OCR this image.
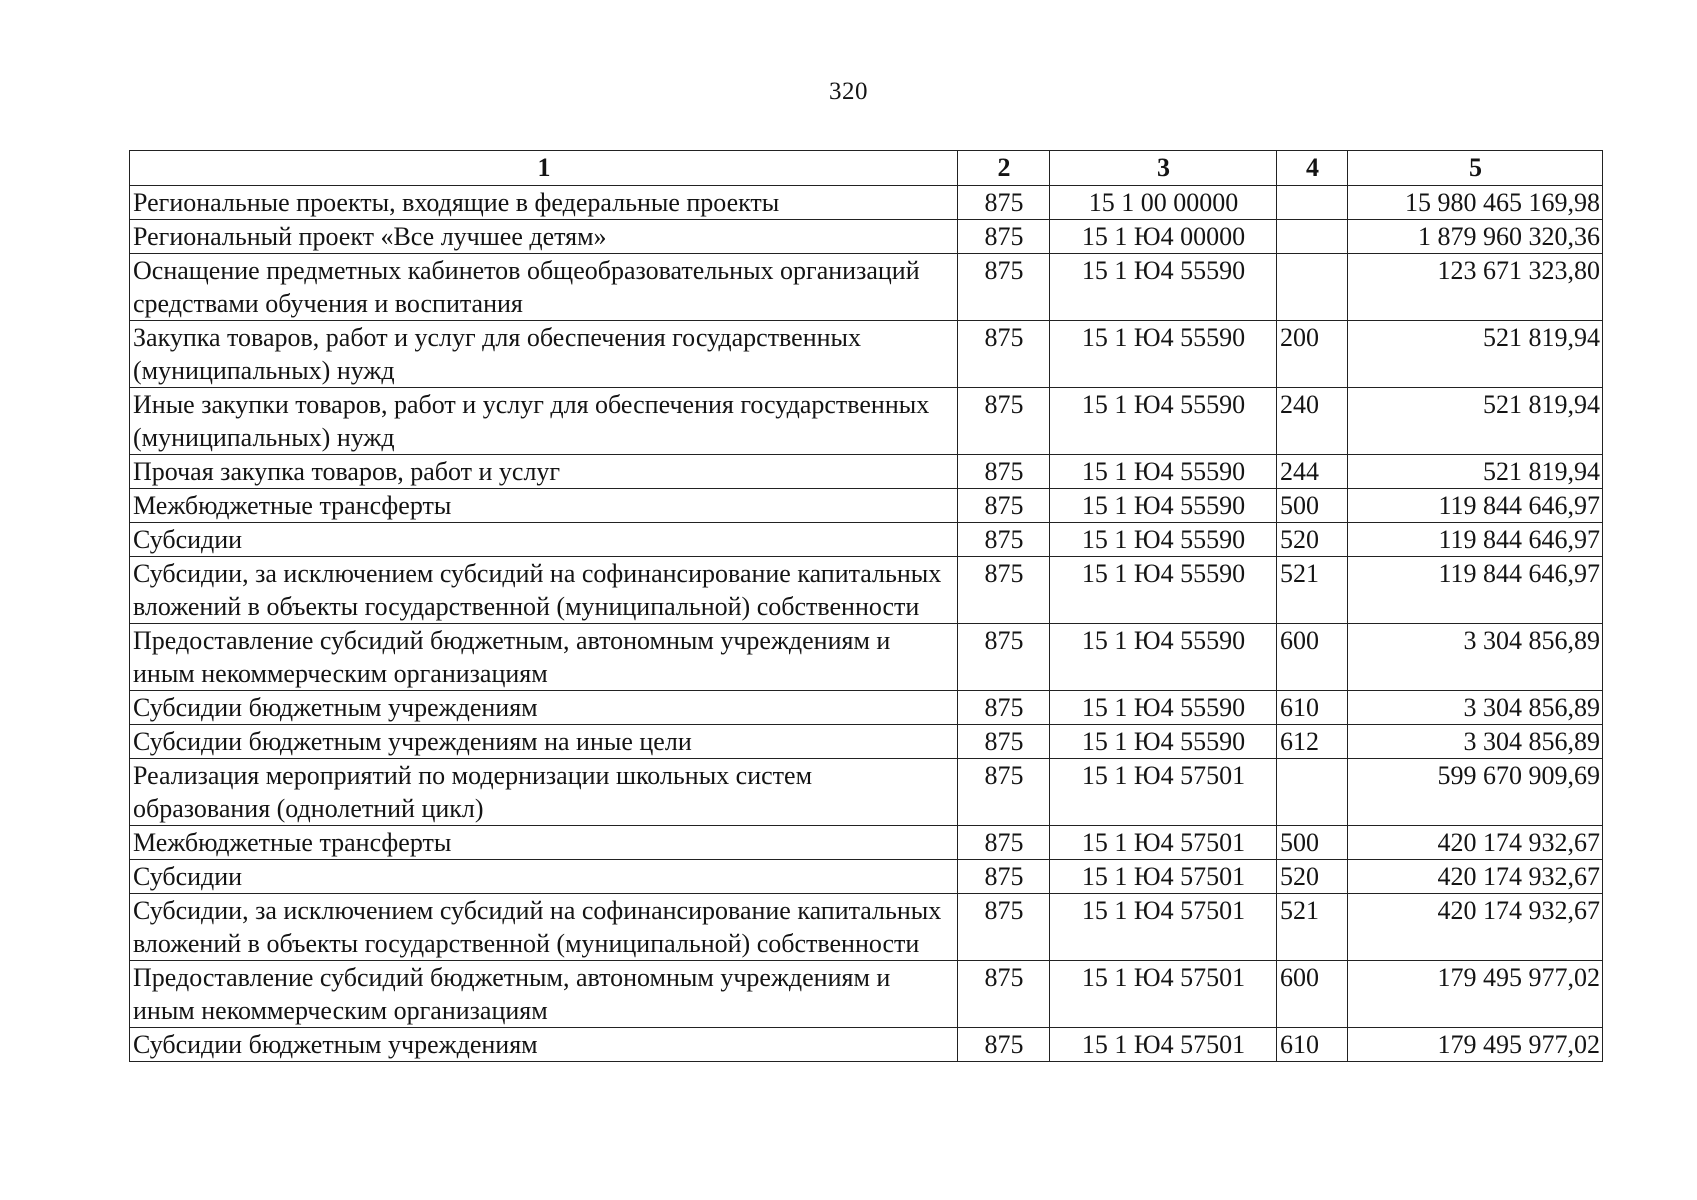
320
1	2	3	4	5
Региональные проекты, входящие в федеральные проекты	875	15 1 00 00000		15 980 465 169,98
Региональный проект «Все лучшее детям»	875	15 1 Ю4 00000		1 879 960 320,36
Оснащение предметных кабинетов общеобразовательных организаций средствами обучения и воспитания	875	15 1 Ю4 55590		123 671 323,80
Закупка товаров, работ и услуг для обеспечения государственных (муниципальных) нужд	875	15 1 Ю4 55590	200	521 819,94
Иные закупки товаров, работ и услуг для обеспечения государственных (муниципальных) нужд	875	15 1 Ю4 55590	240	521 819,94
Прочая закупка товаров, работ и услуг	875	15 1 Ю4 55590	244	521 819,94
Межбюджетные трансферты	875	15 1 Ю4 55590	500	119 844 646,97
Субсидии	875	15 1 Ю4 55590	520	119 844 646,97
Субсидии, за исключением субсидий на софинансирование капитальных вложений в объекты государственной (муниципальной) собственности	875	15 1 Ю4 55590	521	119 844 646,97
Предоставление субсидий бюджетным, автономным учреждениям и иным некоммерческим организациям	875	15 1 Ю4 55590	600	3 304 856,89
Субсидии бюджетным учреждениям	875	15 1 Ю4 55590	610	3 304 856,89
Субсидии бюджетным учреждениям на иные цели	875	15 1 Ю4 55590	612	3 304 856,89
Реализация мероприятий по модернизации школьных систем образования (однолетний цикл)	875	15 1 Ю4 57501		599 670 909,69
Межбюджетные трансферты	875	15 1 Ю4 57501	500	420 174 932,67
Субсидии	875	15 1 Ю4 57501	520	420 174 932,67
Субсидии, за исключением субсидий на софинансирование капитальных вложений в объекты государственной (муниципальной) собственности	875	15 1 Ю4 57501	521	420 174 932,67
Предоставление субсидий бюджетным, автономным учреждениям и иным некоммерческим организациям	875	15 1 Ю4 57501	600	179 495 977,02
Субсидии бюджетным учреждениям	875	15 1 Ю4 57501	610	179 495 977,02
